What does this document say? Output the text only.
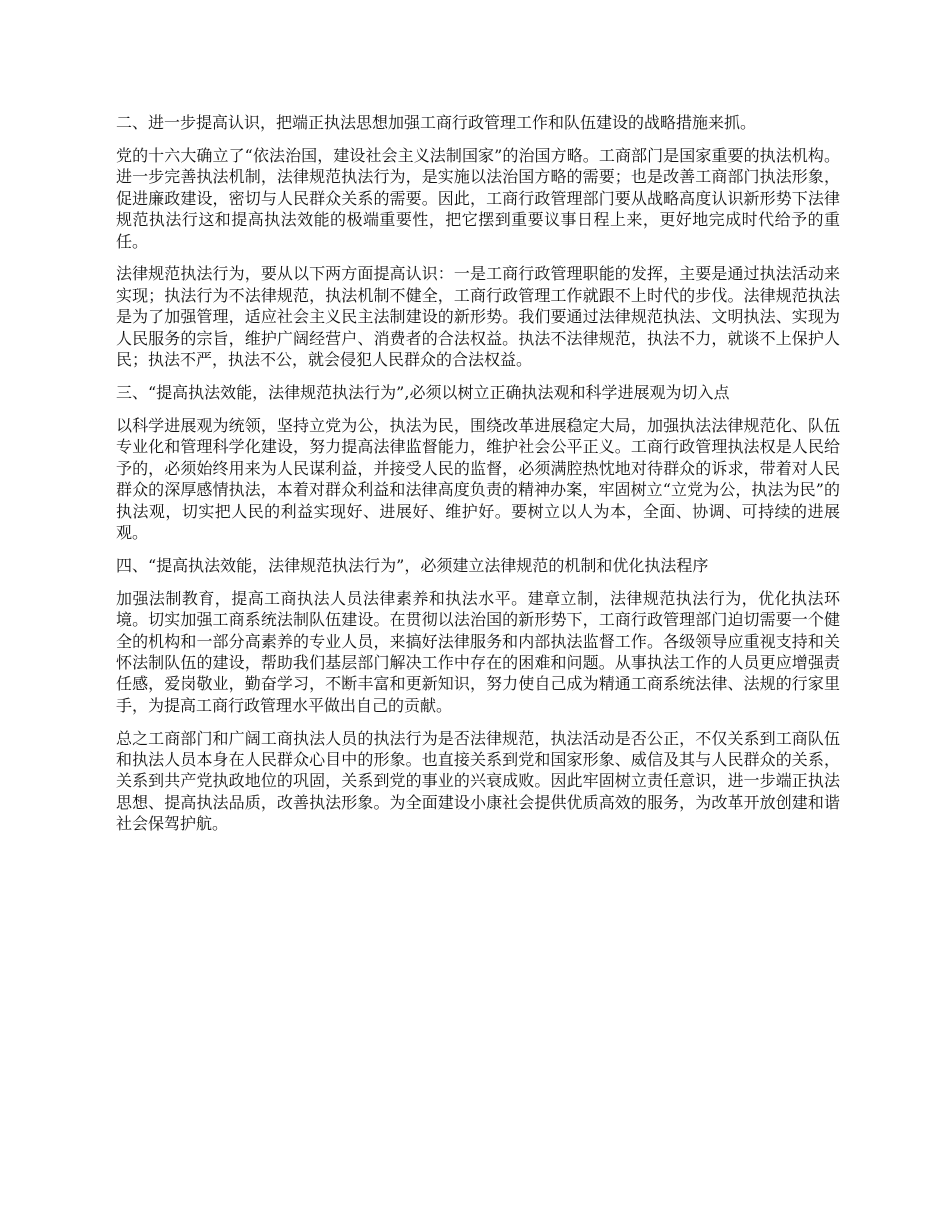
二、进一步提高认识，把端正执法思想加强工商行政管理工作和队伍建设的战略措施来抓。

党的十六大确立了“依法治国，建设社会主义法制国家”的治国方略。工商部门是国家重要的执法机构。进一步完善执法机制，法律规范执法行为，是实施以法治国方略的需要；也是改善工商部门执法形象，促进廉政建设，密切与人民群众关系的需要。因此，工商行政管理部门要从战略高度认识新形势下法律规范执法行这和提高执法效能的极端重要性，把它摆到重要议事日程上来，更好地完成时代给予的重任。

法律规范执法行为，要从以下两方面提高认识：一是工商行政管理职能的发挥，主要是通过执法活动来实现；执法行为不法律规范，执法机制不健全，工商行政管理工作就跟不上时代的步伐。法律规范执法是为了加强管理，适应社会主义民主法制建设的新形势。我们要通过法律规范执法、文明执法、实现为人民服务的宗旨，维护广阔经营户、消费者的合法权益。执法不法律规范，执法不力，就谈不上保护人民；执法不严，执法不公，就会侵犯人民群众的合法权益。

三、“提高执法效能，法律规范执法行为”,必须以树立正确执法观和科学进展观为切入点

以科学进展观为统领，坚持立党为公，执法为民，围绕改革进展稳定大局，加强执法法律规范化、队伍专业化和管理科学化建设，努力提高法律监督能力，维护社会公平正义。工商行政管理执法权是人民给予的，必须始终用来为人民谋利益，并接受人民的监督，必须满腔热忱地对待群众的诉求，带着对人民群众的深厚感情执法，本着对群众利益和法律高度负责的精神办案，牢固树立“立党为公，执法为民”的执法观，切实把人民的利益实现好、进展好、维护好。要树立以人为本，全面、协调、可持续的进展观。

四、“提高执法效能，法律规范执法行为”，必须建立法律规范的机制和优化执法程序

加强法制教育，提高工商执法人员法律素养和执法水平。建章立制，法律规范执法行为，优化执法环境。切实加强工商系统法制队伍建设。在贯彻以法治国的新形势下，工商行政管理部门迫切需要一个健全的机构和一部分高素养的专业人员，来搞好法律服务和内部执法监督工作。各级领导应重视支持和关怀法制队伍的建设，帮助我们基层部门解决工作中存在的困难和问题。从事执法工作的人员更应增强责任感，爱岗敬业，勤奋学习，不断丰富和更新知识，努力使自己成为精通工商系统法律、法规的行家里手，为提高工商行政管理水平做出自己的贡献。

总之工商部门和广阔工商执法人员的执法行为是否法律规范，执法活动是否公正，不仅关系到工商队伍和执法人员本身在人民群众心目中的形象。也直接关系到党和国家形象、威信及其与人民群众的关系，关系到共产党执政地位的巩固，关系到党的事业的兴衰成败。因此牢固树立责任意识，进一步端正执法思想、提高执法品质，改善执法形象。为全面建设小康社会提供优质高效的服务，为改革开放创建和谐社会保驾护航。
